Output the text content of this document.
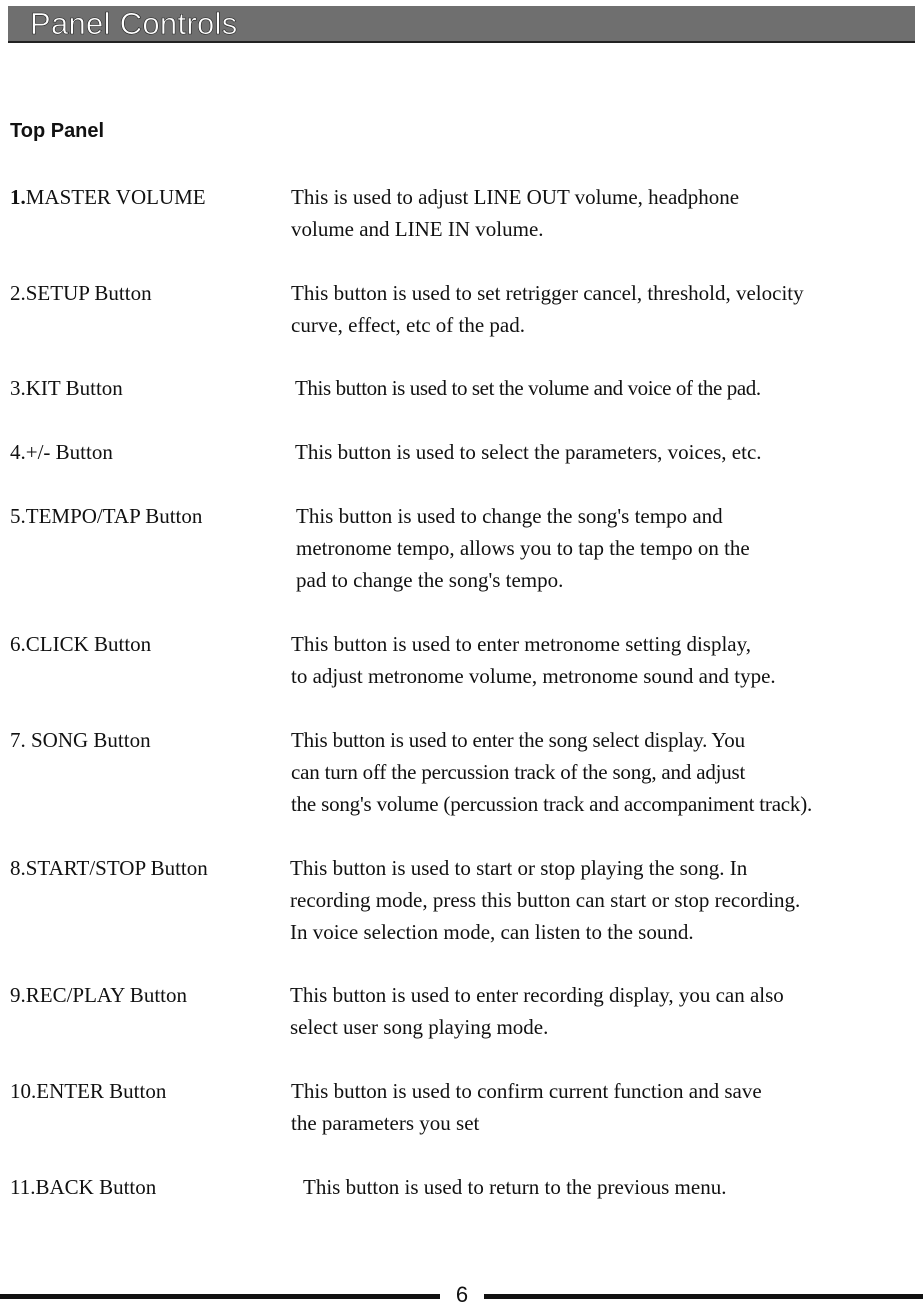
Panel Controls
Top Panel
1.MASTER VOLUME	This is used to adjust LINE OUT volume, headphone
volume and LINE IN volume.
2.SETUP Button	This button is used to set retrigger cancel, threshold, velocity
curve, effect, etc of the pad.
3.KIT Button	This button is used to set the volume and voice of the pad.
4.+/- Button	This button is used to select the parameters, voices, etc.
5.TEMPO/TAP Button	This button is used to change the song's tempo and
metronome tempo, allows you to tap the tempo on the
pad to change the song's tempo.
6.CLICK Button	This button is used to enter metronome setting display,
to adjust metronome volume, metronome sound and type.
7. SONG Button	This button is used to enter the song select display. You
can turn off the percussion track of the song, and adjust
the song's volume (percussion track and accompaniment track).
8.START/STOP Button	This button is used to start or stop playing the song. In
recording mode, press this button can start or stop recording.
In voice selection mode, can listen to the sound.
9.REC/PLAY Button	This button is used to enter recording display, you can also
select user song playing mode.
10.ENTER Button	This button is used to confirm current function and save
the parameters you set
11.BACK Button	This button is used to return to the previous menu.
6
